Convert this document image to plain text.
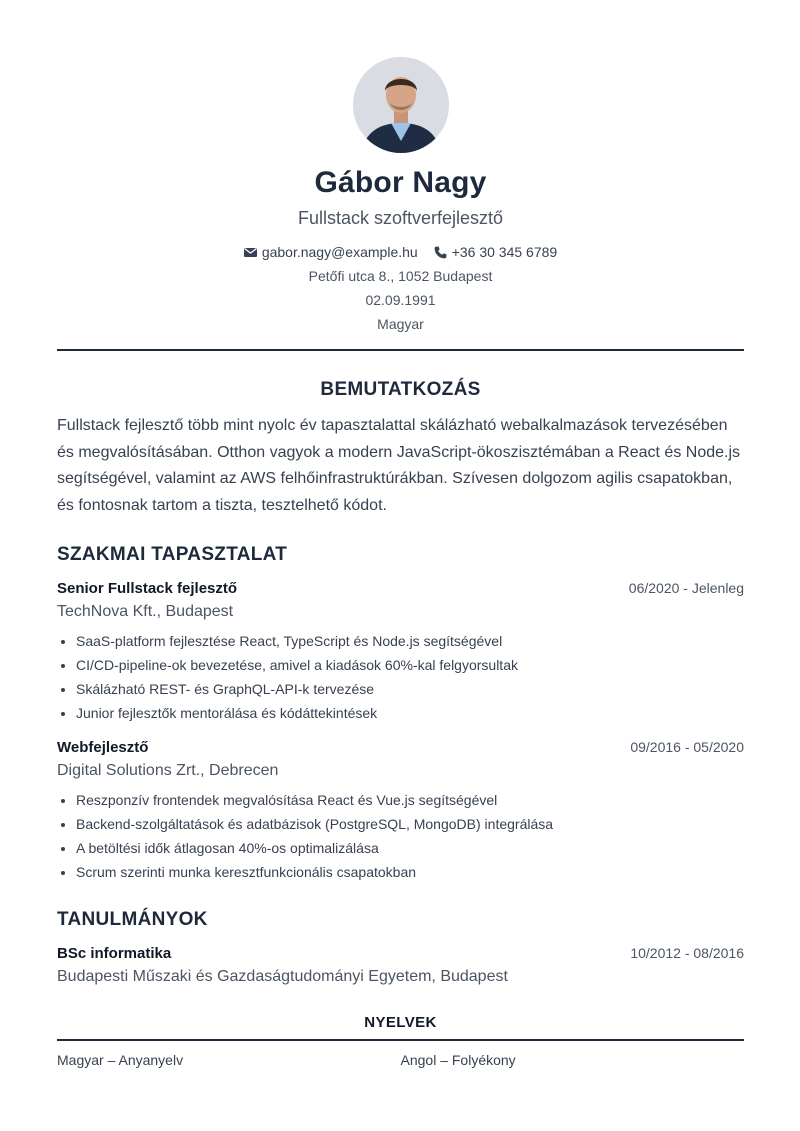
Gábor Nagy
Fullstack szoftverfejlesztő
gabor.nagy@example.hu +36 30 345 6789
Petőfi utca 8., 1052 Budapest
02.09.1991
Magyar
BEMUTATKOZÁS
Fullstack fejlesztő több mint nyolc év tapasztalattal skálázható webalkalmazások tervezésében és megvalósításában. Otthon vagyok a modern JavaScript-ökoszisztémában a React és Node.js segítségével, valamint az AWS felhőinfrastruktúrákban. Szívesen dolgozom agilis csapatokban, és fontosnak tartom a tiszta, tesztelhető kódot.
SZAKMAI TAPASZTALAT
Senior Fullstack fejlesztő	06/2020 - Jelenleg
TechNova Kft., Budapest
• SaaS-platform fejlesztése React, TypeScript és Node.js segítségével
• CI/CD-pipeline-ok bevezetése, amivel a kiadások 60%-kal felgyorsultak
• Skálázható REST- és GraphQL-API-k tervezése
• Junior fejlesztők mentorálása és kódáttekintések
Webfejlesztő	09/2016 - 05/2020
Digital Solutions Zrt., Debrecen
• Reszponzív frontendek megvalósítása React és Vue.js segítségével
• Backend-szolgáltatások és adatbázisok (PostgreSQL, MongoDB) integrálása
• A betöltési idők átlagosan 40%-os optimalizálása
• Scrum szerinti munka keresztfunkcionális csapatokban
TANULMÁNYOK
BSc informatika	10/2012 - 08/2016
Budapesti Műszaki és Gazdaságtudományi Egyetem, Budapest
NYELVEK
Magyar – Anyanyelv	Angol – Folyékony
